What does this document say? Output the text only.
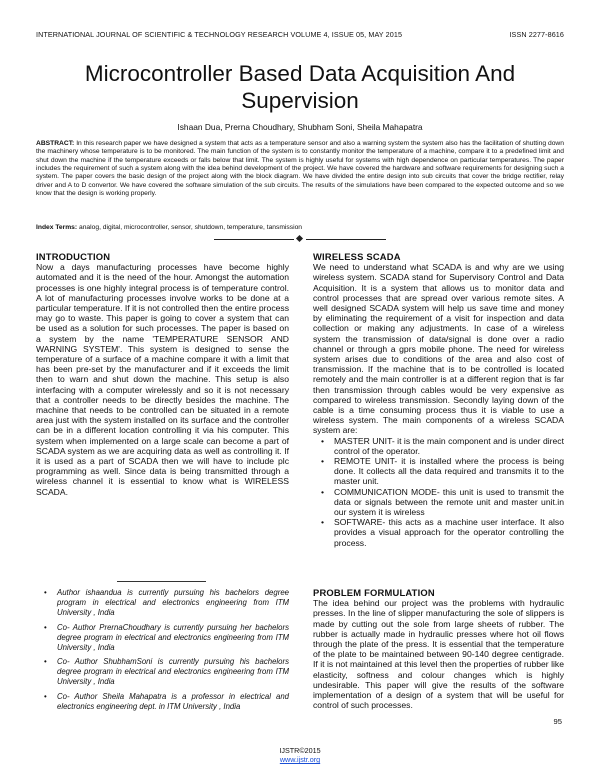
INTERNATIONAL JOURNAL OF SCIENTIFIC & TECHNOLOGY RESEARCH VOLUME 4, ISSUE 05, MAY 2015	ISSN 2277-8616
Microcontroller Based Data Acquisition And Supervision
Ishaan Dua, Prerna Choudhary, Shubham Soni, Sheila Mahapatra
ABSTRACT: In this research paper we have designed a system that acts as a temperature sensor and also a warning system the system also has the facilitation of shutting down the machinery whose temperature is to be monitored. The main function of the system is to constantly monitor the temperature of a machine, compare it to a predefined limit and shut down the machine if the temperature exceeds or falls below that limit. The system is highly useful for systems with high dependence on particular temperatures. The paper includes the requirement of such a system along with the idea behind development of the project. We have covered the hardware and software requirements for designing such a system. The paper covers the basic design of the project along with the block diagram. We have divided the entire design into sub circuits that cover the bridge rectifier, relay driver and A to D convertor. We have covered the software simulation of the sub circuits. The results of the simulations have been compared to the expected outcome and so we know that the design is working properly.
Index Terms: analog, digital, microcontroller, sensor, shutdown, temperature, tansmission
INTRODUCTION
Now a days manufacturing processes have become highly automated and it is the need of the hour. Amongst the automation processes is one highly integral process is of temperature control. A lot of manufacturing processes involve works to be done at a particular temperature. If it is not controlled then the entire process may go to waste. This paper is going to cover a system that can be used as a solution for such processes. The paper is based on a system by the name 'TEMPERATURE SENSOR AND WARNING SYSTEM'. This system is designed to sense the temperature of a surface of a machine compare it with a limit that has been pre-set by the manufacturer and if it exceeds the limit then to warn and shut down the machine. This setup is also interfacing with a computer wirelessly and so it is not necessary that a controller needs to be directly besides the machine. The machine that needs to be controlled can be situated in a remote area just with the system installed on its surface and the controller can be in a different location controlling it via his computer. This system when implemented on a large scale can become a part of SCADA system as we are acquiring data as well as controlling it. If it is used as a part of SCADA then we will have to include plc programming as well. Since data is being transmitted through a wireless channel it is essential to know what is WIRELESS SCADA.
• Author ishaandua is currently pursuing his bachelors degree program in electrical and electronics engineering from ITM University , India
• Co- Author PrernaChoudhary is currently pursuing her bachelors degree program in electrical and electronics engineering from ITM University , India
• Co- Author ShubhamSoni is currently pursuing his bachelors degree program in electrical and electronics engineering from ITM University , India
• Co- Author Sheila Mahapatra is a professor in electrical and electronics engineering dept. in ITM University , India
WIRELESS SCADA
We need to understand what SCADA is and why are we using wireless system. SCADA stand for Supervisory Control and Data Acquisition. It is a system that allows us to monitor data and control processes that are spread over various remote sites. A well designed SCADA system will help us save time and money by eliminating the requirement of a visit for inspection and data collection or making any adjustments. In case of a wireless system the transmission of data/signal is done over a radio channel or through a gprs mobile phone. The need for wireless system arises due to conditions of the area and also cost of transmission. If the machine that is to be controlled is located remotely and the main controller is at a different region that is far then transmission through cables would be very expensive as compared to wireless transmission. Secondly laying down of the cable is a time consuming process thus it is viable to use a wireless system. The main components of a wireless SCADA system are:
• MASTER UNIT- it is the main component and is under direct control of the operator.
• REMOTE UNIT- it is installed where the process is being done. It collects all the data required and transmits it to the master unit.
• COMMUNICATION MODE- this unit is used to transmit the data or signals between the remote unit and master unit.in our system it is wireless
• SOFTWARE- this acts as a machine user interface. It also provides a visual approach for the operator controlling the process.
PROBLEM FORMULATION
The idea behind our project was the problems with hydraulic presses. In the line of slipper manufacturing the sole of slippers is made by cutting out the sole from large sheets of rubber. The rubber is actually made in hydraulic presses where hot oil flows through the plate of the press. It is essential that the temperature of the plate to be maintained between 90-140 degree centigrade. If it is not maintained at this level then the properties of rubber like elasticity, softness and colour changes which is highly undesirable. This paper will give the results of the software implementation of a design of a system that will be useful for control of such processes.
95
IJSTR©2015
www.ijstr.org
